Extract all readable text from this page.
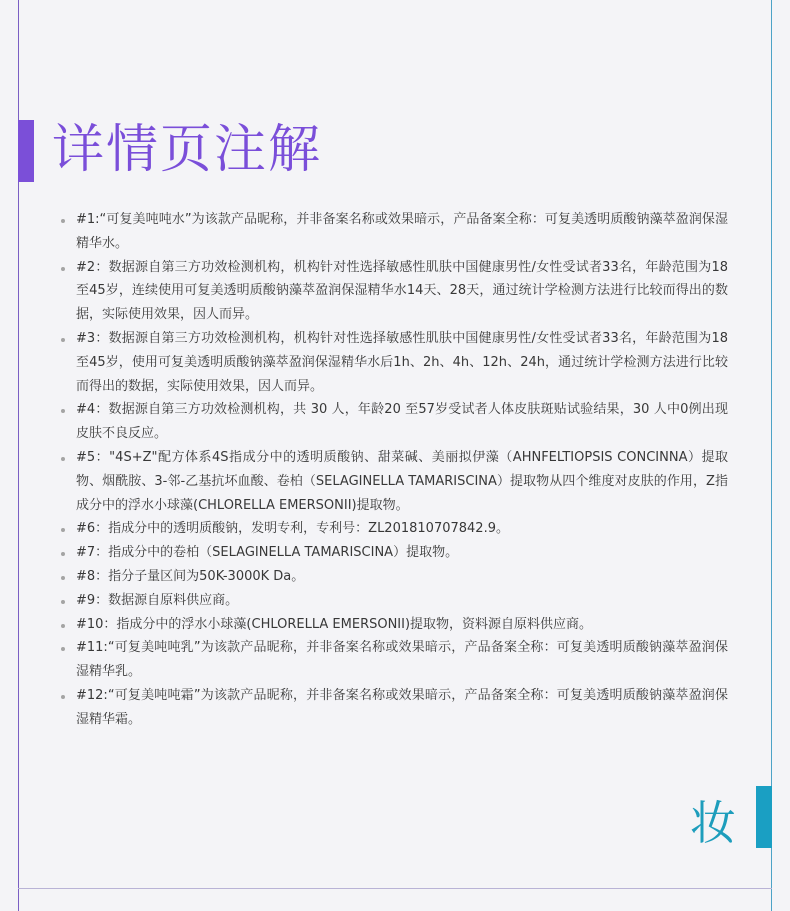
详情页注解
#1:“可复美吨吨水”为该款产品昵称，并非备案名称或效果暗示，产品备案全称：可复美透明质酸钠藻萃盈润保湿精华水。
#2：数据源自第三方功效检测机构，机构针对性选择敏感性肌肤中国健康男性/女性受试者33名，年龄范围为18至45岁，连续使用可复美透明质酸钠藻萃盈润保湿精华水14天、28天，通过统计学检测方法进行比较而得出的数据，实际使用效果，因人而异。
#3：数据源自第三方功效检测机构，机构针对性选择敏感性肌肤中国健康男性/女性受试者33名，年龄范围为18至45岁，使用可复美透明质酸钠藻萃盈润保湿精华水后1h、2h、4h、12h、24h，通过统计学检测方法进行比较而得出的数据，实际使用效果，因人而异。
#4：数据源自第三方功效检测机构，共 30 人，年龄20 至57岁受试者人体皮肤斑贴试验结果，30 人中0例出现皮肤不良反应。
#5："4S+Z"配方体系4S指成分中的透明质酸钠、甜菜碱、美丽拟伊藻（AHNFELTIOPSIS CONCINNA）提取物、烟酰胺、3-邻-乙基抗坏血酸、卷柏（SELAGINELLA TAMARISCINA）提取物从四个维度对皮肤的作用，Z指成分中的浮水小球藻(CHLORELLA EMERSONII)提取物。
#6：指成分中的透明质酸钠，发明专利，专利号：ZL201810707842.9。
#7：指成分中的卷柏（SELAGINELLA TAMARISCINA）提取物。
#8：指分子量区间为50K-3000K Da。
#9：数据源自原料供应商。
#10：指成分中的浮水小球藻(CHLORELLA EMERSONII)提取物，资料源自原料供应商。
#11:“可复美吨吨乳”为该款产品昵称，并非备案名称或效果暗示，产品备案全称：可复美透明质酸钠藻萃盈润保湿精华乳。
#12:“可复美吨吨霜”为该款产品昵称，并非备案名称或效果暗示，产品备案全称：可复美透明质酸钠藻萃盈润保湿精华霜。
妆
